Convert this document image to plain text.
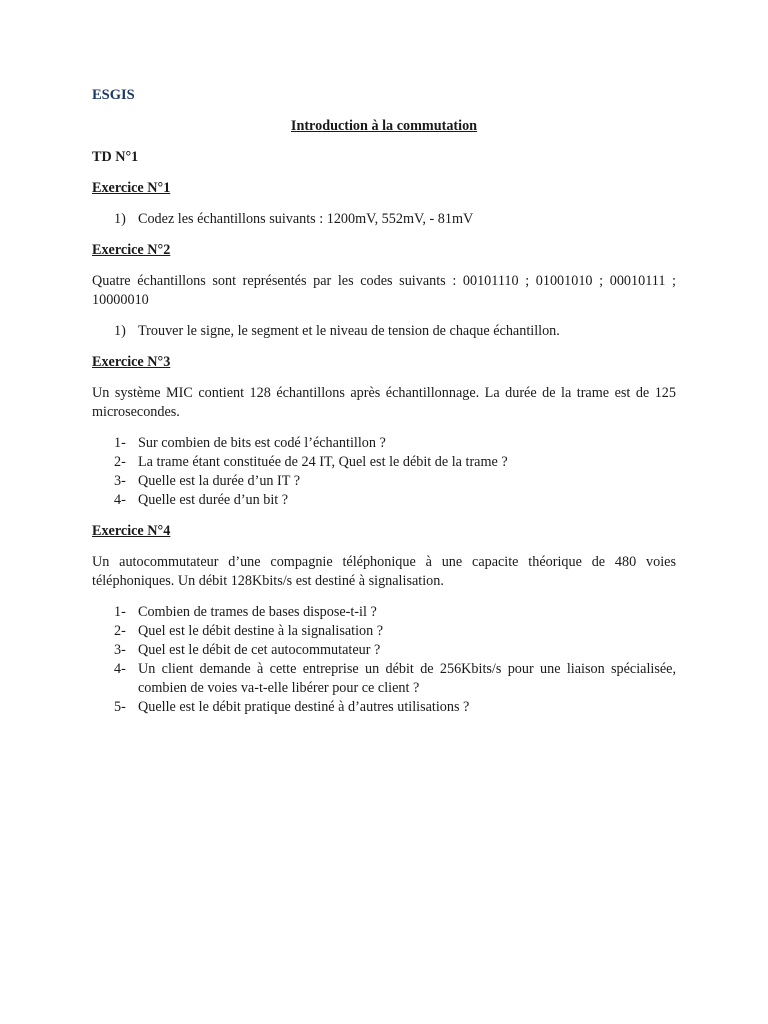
ESGIS
Introduction à la commutation
TD N°1
Exercice N°1
1) Codez les échantillons suivants : 1200mV, 552mV, - 81mV
Exercice N°2

Quatre échantillons sont représentés par les codes suivants : 00101110 ; 01001010 ; 00010111 ; 10000010

1) Trouver le signe, le segment et le niveau de tension de chaque échantillon.
Exercice N°3

Un système MIC contient 128 échantillons après échantillonnage. La durée de la trame est de 125 microsecondes.

1- Sur combien de bits est codé l’échantillon ?
2- La trame étant constituée de 24 IT, Quel est le débit de la trame ?
3- Quelle est la durée d’un IT ?
4- Quelle est durée d’un bit ?
Exercice N°4

Un autocommutateur d’une compagnie téléphonique à une capacite théorique de 480 voies téléphoniques. Un débit 128Kbits/s est destiné à signalisation.

1- Combien de trames de bases dispose-t-il ?
2- Quel est le débit destine à la signalisation ?
3- Quel est le débit de cet autocommutateur ?
4- Un client demande à cette entreprise un débit de 256Kbits/s pour une liaison spécialisée, combien de voies va-t-elle libérer pour ce client ?
5- Quelle est le débit pratique destiné à d’autres utilisations ?
